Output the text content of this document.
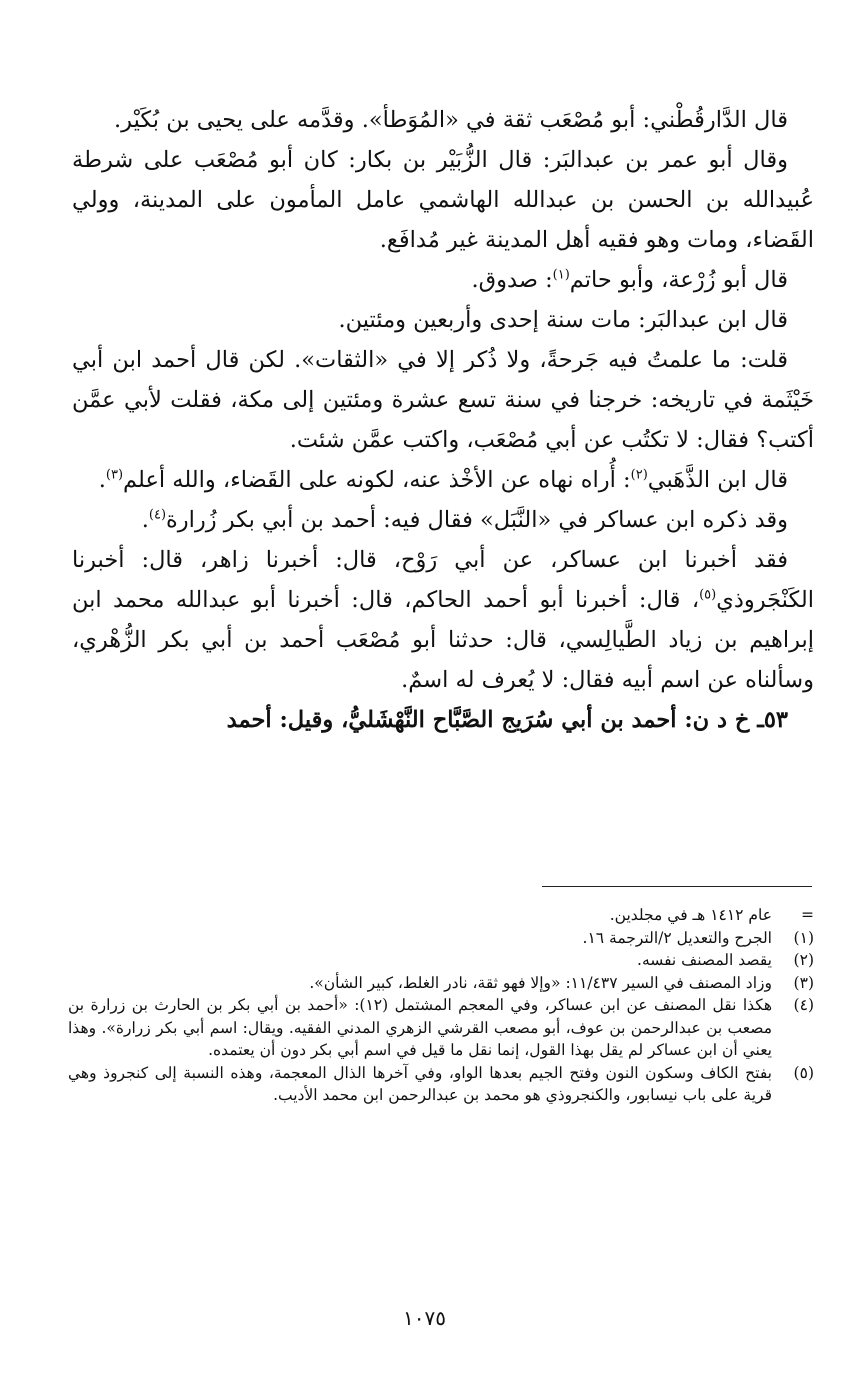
قال الدَّارقُطْني: أبو مُصْعَب ثقة في «المُوَطأ». وقدَّمه على يحيى بن بُكَيْر.

وقال أبو عمر بن عبدالبَر: قال الزُّبَيْر بن بكار: كان أبو مُصْعَب على شرطة عُبيدالله بن الحسن بن عبدالله الهاشمي عامل المأمون على المدينة، وولي القَضاء، ومات وهو فقيه أهل المدينة غير مُدافَع.

قال أبو زُرْعة، وأبو حاتم$^{(١)}$: صدوق.

قال ابن عبدالبَر: مات سنة إحدى وأربعين ومئتين.

قلت: ما علمتُ فيه جَرحةً، ولا ذُكر إلا في «الثقات». لكن قال أحمد ابن أبي خَيْثَمة في تاريخه: خرجنا في سنة تسع عشرة ومئتين إلى مكة، فقلت لأبي عمَّن أكتب؟ فقال: لا تكتُب عن أبي مُصْعَب، واكتب عمَّن شئت.

قال ابن الذَّهَبي$^{(٢)}$: أُراه نهاه عن الأخْذ عنه، لكونه على القَضاء، والله أعلم$^{(٣)}$.

وقد ذكره ابن عساكر في «النَّبَل» فقال فيه: أحمد بن أبي بكر زُرارة$^{(٤)}$.

فقد أخبرنا ابن عساكر، عن أبي رَوْح، قال: أخبرنا زاهر، قال: أخبرنا الكَنْجَروذي$^{(٥)}$، قال: أخبرنا أبو أحمد الحاكم، قال: أخبرنا أبو عبدالله محمد ابن إبراهيم بن زياد الطَّيالِسي، قال: حدثنا أبو مُصْعَب أحمد بن أبي بكر الزُّهْري، وسألناه عن اسم أبيه فقال: لا يُعرف له اسمٌ.

٥٣ـ خ د ن: أحمد بن أبي سُرَيج الصَّبَّاح النَّهْشَليُّ، وقيل: أحمد

=
عام ١٤١٢ هـ في مجلدين.
(١)
الجرح والتعديل ٢/الترجمة ١٦.
(٢)
يقصد المصنف نفسه.
(٣)
وزاد المصنف في السير ١١/٤٣٧: «وإلا فهو ثقة، نادر الغلط، كبير الشأن».
(٤)
هكذا نقل المصنف عن ابن عساكر، وفي المعجم المشتمل (١٢): «أحمد بن أبي بكر بن الحارث بن زرارة بن مصعب بن عبدالرحمن بن عوف، أبو مصعب القرشي الزهري المدني الفقيه. ويقال: اسم أبي بكر زرارة». وهذا يعني أن ابن عساكر لم يقل بهذا القول، إنما نقل ما قيل في اسم أبي بكر دون أن يعتمده.
(٥)
بفتح الكاف وسكون النون وفتح الجيم بعدها الواو، وفي آخرها الذال المعجمة، وهذه النسبة إلى كنجروذ وهي قرية على باب نيسابور، والكنجروذي هو محمد بن عبدالرحمن ابن محمد الأديب.
١٠٧٥
